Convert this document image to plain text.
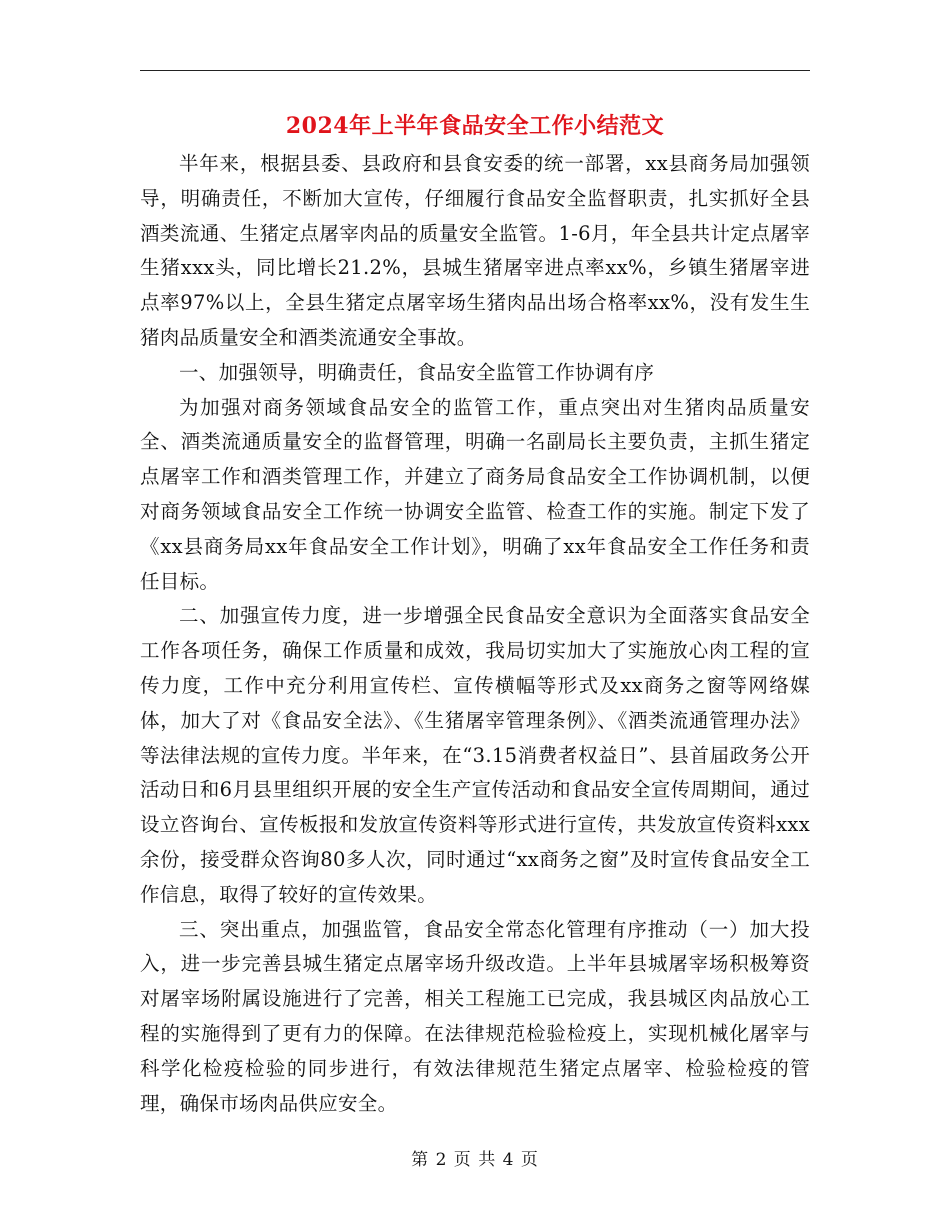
2024年上半年食品安全工作小结范文

半年来，根据县委、县政府和县食安委的统一部署，xx县商务局加强领导，明确责任，不断加大宣传，仔细履行食品安全监督职责，扎实抓好全县酒类流通、生猪定点屠宰肉品的质量安全监管。1-6月，年全县共计定点屠宰生猪xxx头，同比增长21.2%，县城生猪屠宰进点率xx%，乡镇生猪屠宰进点率97%以上，全县生猪定点屠宰场生猪肉品出场合格率xx%，没有发生生猪肉品质量安全和酒类流通安全事故。

一、加强领导，明确责任，食品安全监管工作协调有序

为加强对商务领域食品安全的监管工作，重点突出对生猪肉品质量安全、酒类流通质量安全的监督管理，明确一名副局长主要负责，主抓生猪定点屠宰工作和酒类管理工作，并建立了商务局食品安全工作协调机制，以便对商务领域食品安全工作统一协调安全监管、检查工作的实施。制定下发了《xx县商务局xx年食品安全工作计划》，明确了xx年食品安全工作任务和责任目标。

二、加强宣传力度，进一步增强全民食品安全意识为全面落实食品安全工作各项任务，确保工作质量和成效，我局切实加大了实施放心肉工程的宣传力度，工作中充分利用宣传栏、宣传横幅等形式及xx商务之窗等网络媒体，加大了对《食品安全法》、《生猪屠宰管理条例》、《酒类流通管理办法》等法律法规的宣传力度。半年来，在“3.15消费者权益日”、县首届政务公开活动日和6月县里组织开展的安全生产宣传活动和食品安全宣传周期间，通过设立咨询台、宣传板报和发放宣传资料等形式进行宣传，共发放宣传资料xxx余份，接受群众咨询80多人次，同时通过“xx商务之窗”及时宣传食品安全工作信息，取得了较好的宣传效果。

三、突出重点，加强监管，食品安全常态化管理有序推动（一）加大投入，进一步完善县城生猪定点屠宰场升级改造。上半年县城屠宰场积极筹资对屠宰场附属设施进行了完善，相关工程施工已完成，我县城区肉品放心工程的实施得到了更有力的保障。在法律规范检验检疫上，实现机械化屠宰与科学化检疫检验的同步进行，有效法律规范生猪定点屠宰、检验检疫的管理，确保市场肉品供应安全。

第 2 页 共 4 页
